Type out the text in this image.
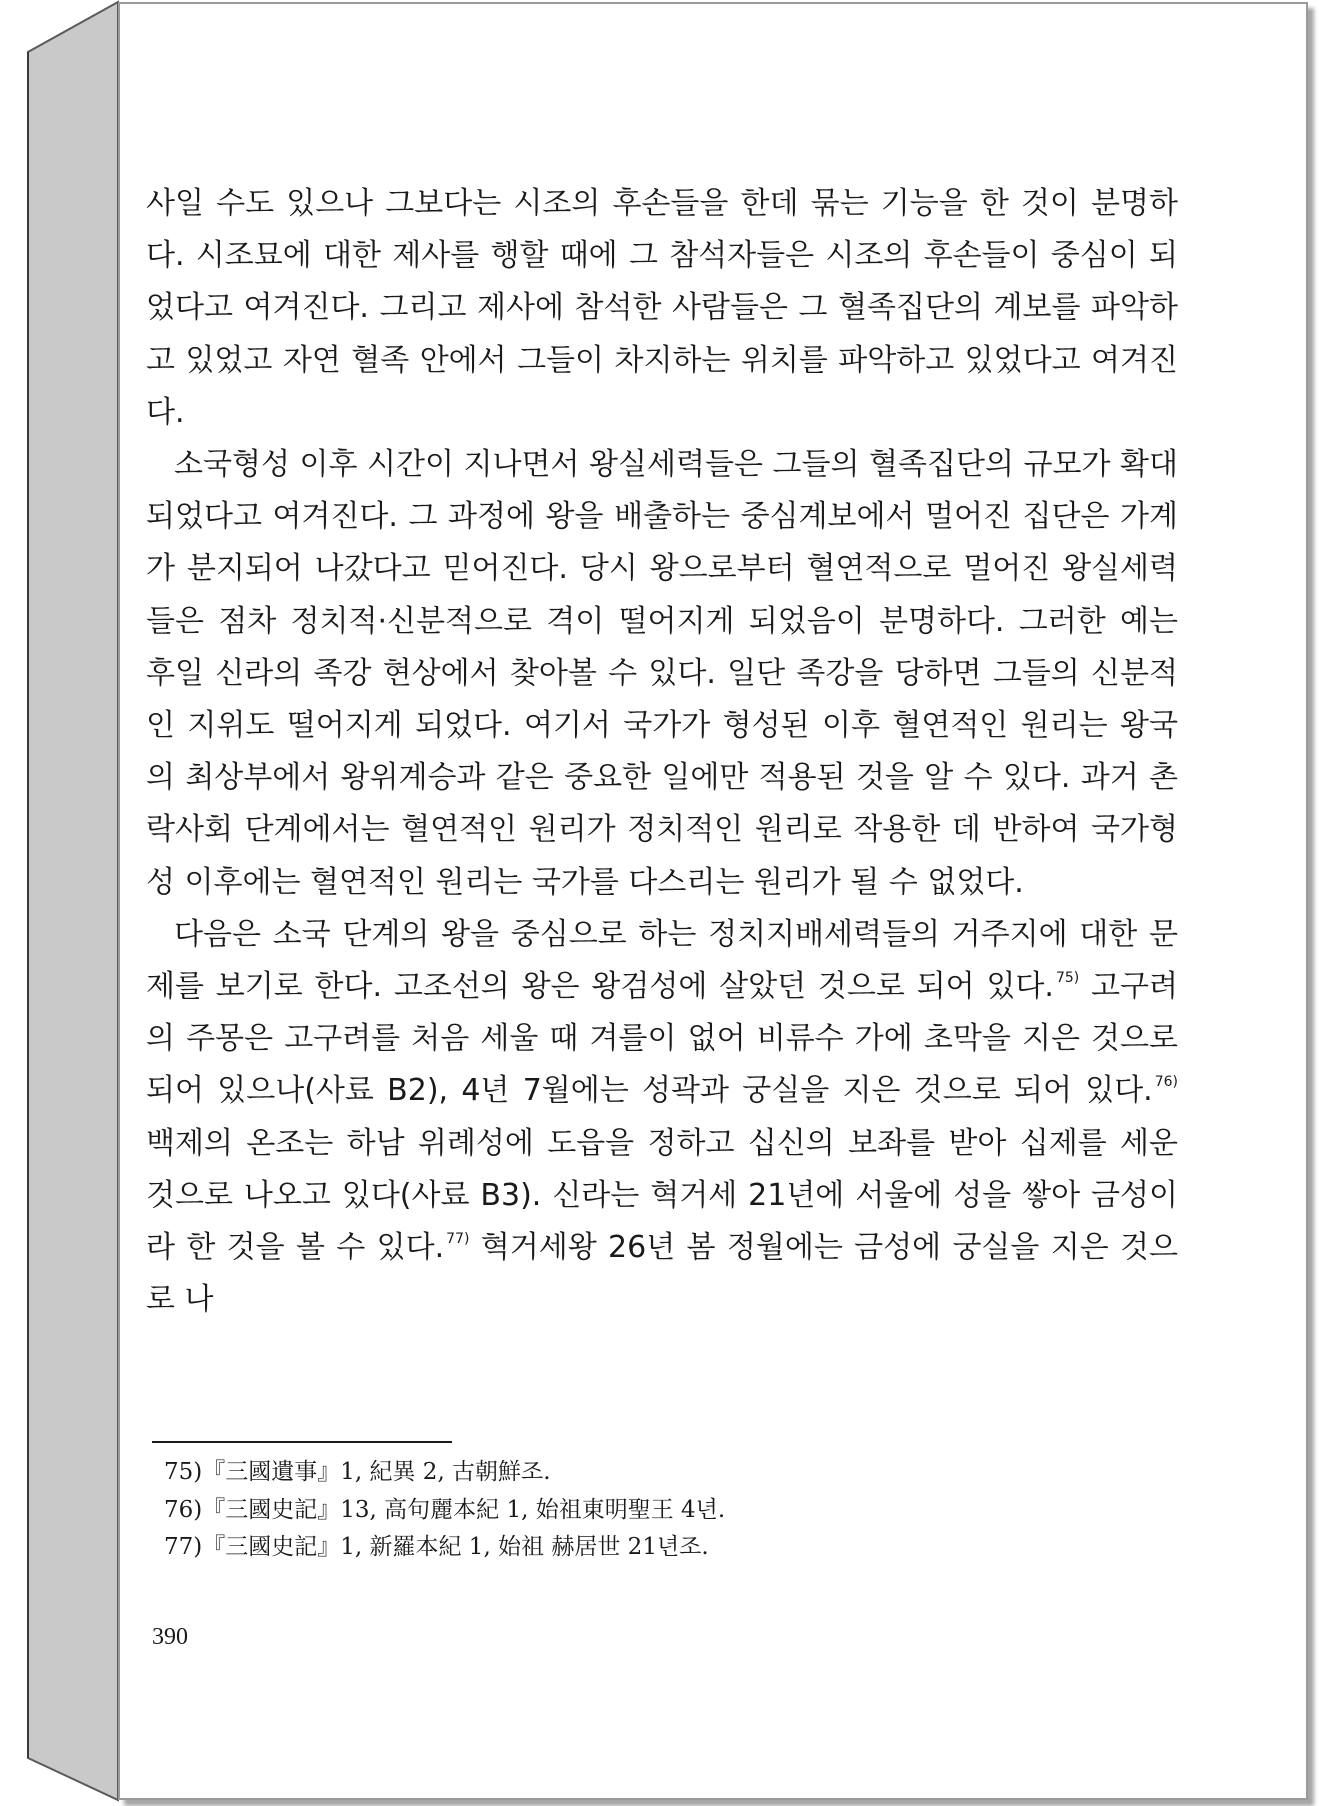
사일 수도 있으나 그보다는 시조의 후손들을 한데 묶는 기능을 한 것이 분명하다. 시조묘에 대한 제사를 행할 때에 그 참석자들은 시조의 후손들이 중심이 되었다고 여겨진다. 그리고 제사에 참석한 사람들은 그 혈족집단의 계보를 파악하고 있었고 자연 혈족 안에서 그들이 차지하는 위치를 파악하고 있었다고 여겨진다.

소국형성 이후 시간이 지나면서 왕실세력들은 그들의 혈족집단의 규모가 확대되었다고 여겨진다. 그 과정에 왕을 배출하는 중심계보에서 멀어진 집단은 가계가 분지되어 나갔다고 믿어진다. 당시 왕으로부터 혈연적으로 멀어진 왕실세력들은 점차 정치적·신분적으로 격이 떨어지게 되었음이 분명하다. 그러한 예는 후일 신라의 족강 현상에서 찾아볼 수 있다. 일단 족강을 당하면 그들의 신분적인 지위도 떨어지게 되었다. 여기서 국가가 형성된 이후 혈연적인 원리는 왕국의 최상부에서 왕위계승과 같은 중요한 일에만 적용된 것을 알 수 있다. 과거 촌락사회 단계에서는 혈연적인 원리가 정치적인 원리로 작용한 데 반하여 국가형성 이후에는 혈연적인 원리는 국가를 다스리는 원리가 될 수 없었다.

다음은 소국 단계의 왕을 중심으로 하는 정치지배세력들의 거주지에 대한 문제를 보기로 한다. 고조선의 왕은 왕검성에 살았던 것으로 되어 있다. $^{75)}$ 고구려의 주몽은 고구려를 처음 세울 때 겨를이 없어 비류수 가에 초막을 지은 것으로 되어 있으나(사료 B2), 4년 7월에는 성곽과 궁실을 지은 것으로 되어 있다. $^{76)}$ 백제의 온조는 하남 위례성에 도읍을 정하고 십신의 보좌를 받아 십제를 세운 것으로 나오고 있다(사료 B3). 신라는 혁거세 21년에 서울에 성을 쌓아 금성이라 한 것을 볼 수 있다. $^{77)}$ 혁거세왕 26년 봄 정월에는 금성에 궁실을 지은 것으로 나

75)『三國遺事』1, 紀異 2, 古朝鮮조.
76)『三國史記』13, 高句麗本紀 1, 始祖東明聖王 4년.
77)『三國史記』1, 新羅本紀 1, 始祖 赫居世 21년조.
390
